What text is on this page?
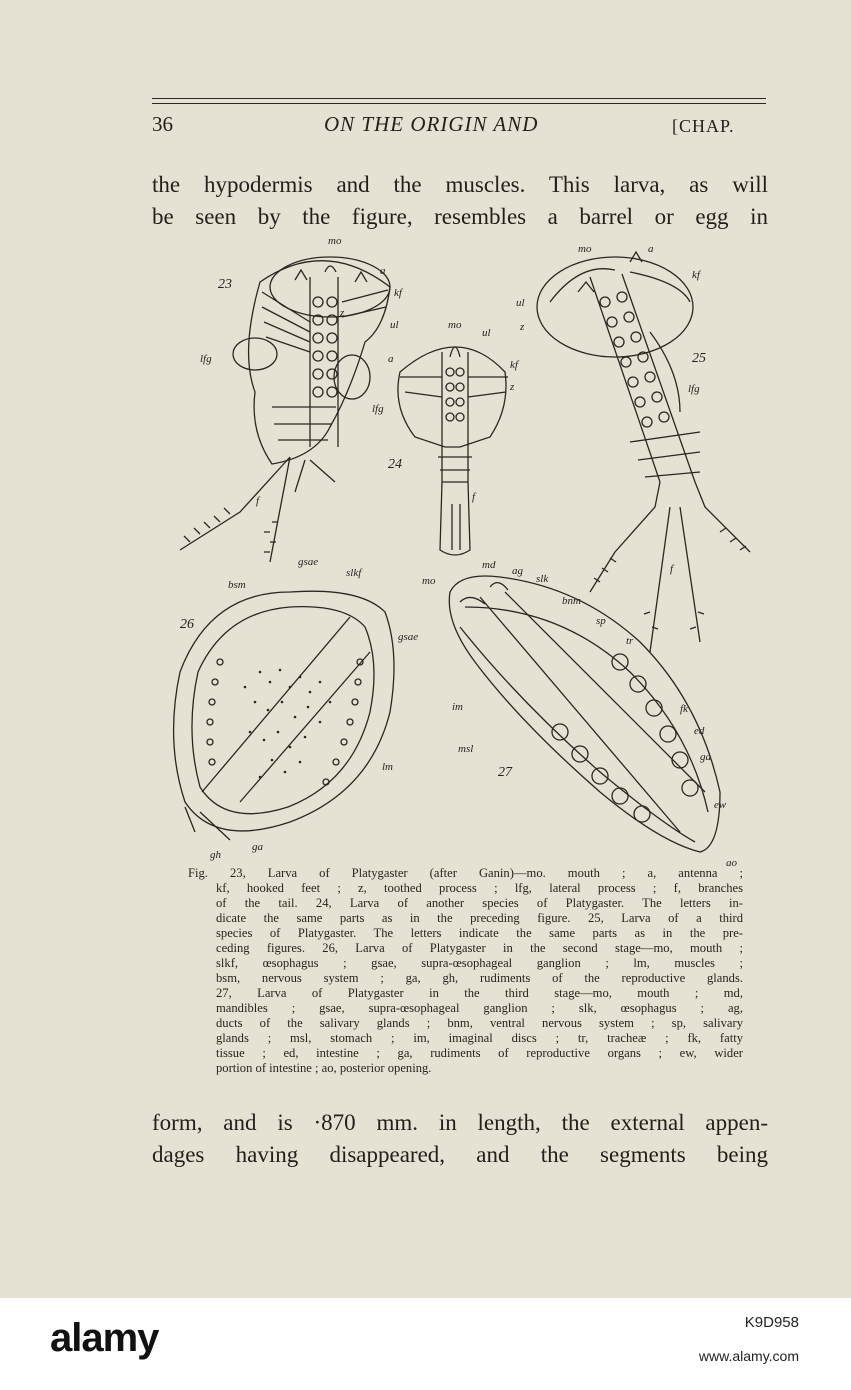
36	ON THE ORIGIN AND	[CHAP.
the hypodermis and the muscles. This larva, as will
be seen by the figure, resembles a barrel or egg in
23
24
25
26
27
mo
a
kf
z
ul
lfg
f
mo
ul
a	kf
z
lfg
f
mo	a
kf
ul
z
lfg
f
gsae
slkf
bsm
lm
gh
ga
md ag
slk
mo
bnm
sp
tr
gsae
im	fk
ed
msl
ga
ew
ao
Fig. 23, Larva of Platygaster (after Ganin)—mo. mouth ; a, antenna ;
kf, hooked feet ; z, toothed process ; lfg, lateral process ; f, branches
of the tail. 24, Larva of another species of Platygaster. The letters in-
dicate the same parts as in the preceding figure. 25, Larva of a third
species of Platygaster. The letters indicate the same parts as in the pre-
ceding figures. 26, Larva of Platygaster in the second stage—mo, mouth ;
slkf, œsophagus ; gsae, supra-œsophageal ganglion ; lm, muscles ;
bsm, nervous system ; ga, gh, rudiments of the reproductive glands.
27, Larva of Platygaster in the third stage—mo, mouth ; md,
mandibles ; gsae, supra-œsophageal ganglion ; slk, œsophagus ; ag,
ducts of the salivary glands ; bnm, ventral nervous system ; sp, salivary
glands ; msl, stomach ; im, imaginal discs ; tr, tracheæ ; fk, fatty
tissue ; ed, intestine ; ga, rudiments of reproductive organs ; ew, wider
portion of intestine ; ao, posterior opening.
form, and is ·870 mm. in length, the external appen-
dages having disappeared, and the segments being
alamy	K9D958
www.alamy.com
